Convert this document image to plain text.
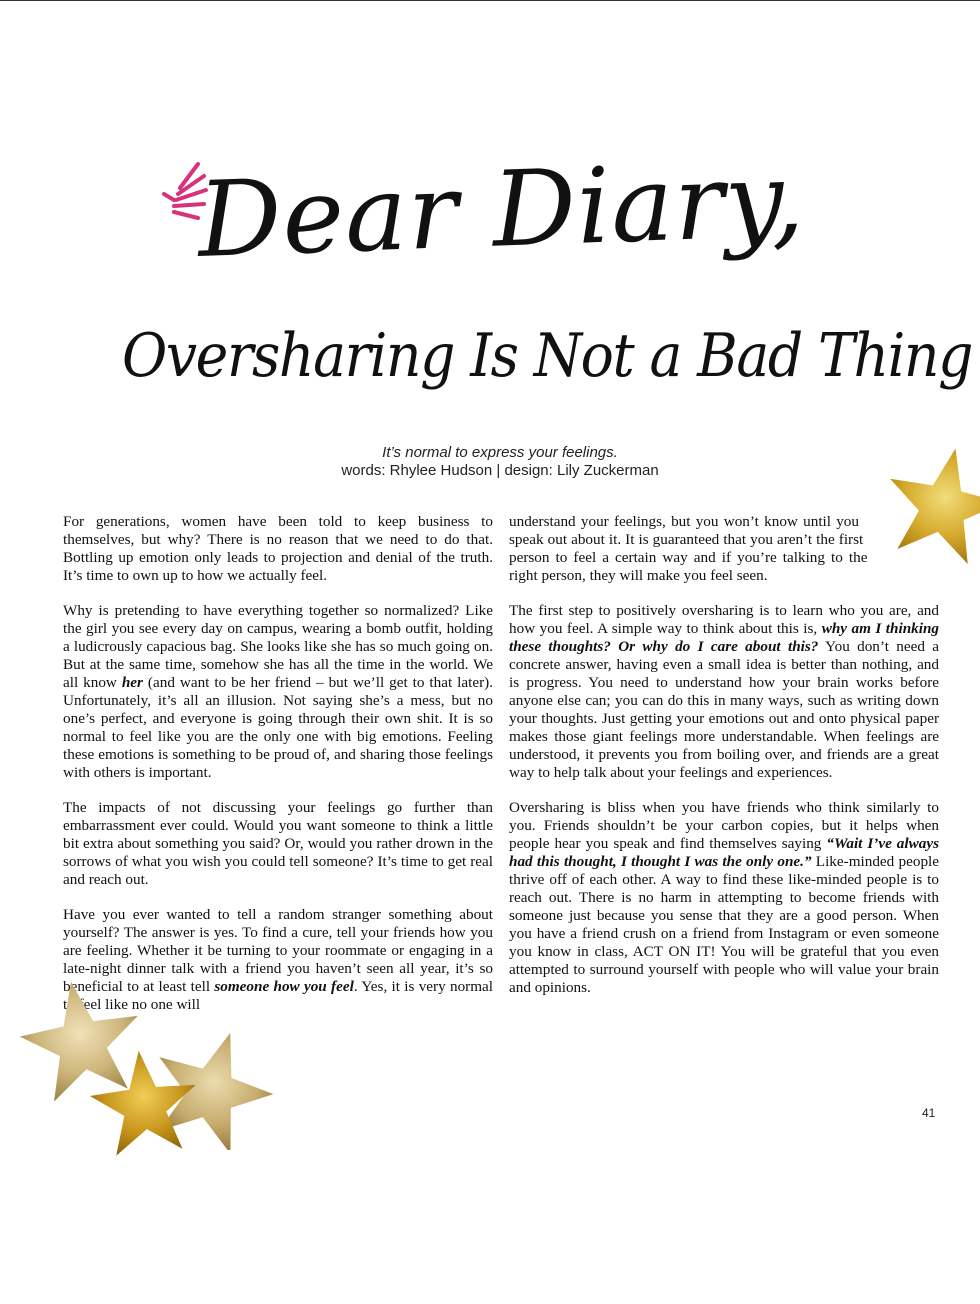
Dear Diary,
Oversharing Is Not a Bad Thing
It’s normal to express your feelings.
words: Rhylee Hudson | design: Lily Zuckerman

For generations, women have been told to keep business to themselves, but why? There is no reason that we need to do that. Bottling up emotion only leads to projection and denial of the truth. It’s time to own up to how we actually feel.

Why is pretending to have everything together so normalized? Like the girl you see every day on campus, wearing a bomb outfit, holding a ludicrously capacious bag. She looks like she has so much going on. But at the same time, somehow she has all the time in the world. We all know her (and want to be her friend – but we’ll get to that later). Unfortunately, it’s all an illusion. Not saying she’s a mess, but no one’s perfect, and everyone is going through their own shit. It is so normal to feel like you are the only one with big emotions. Feeling these emotions is something to be proud of, and sharing those feelings with others is important.

The impacts of not discussing your feelings go further than embarrassment ever could. Would you want someone to think a little bit extra about something you said? Or, would you rather drown in the sorrows of what you wish you could tell someone? It’s time to get real and reach out.

Have you ever wanted to tell a random stranger something about yourself? The answer is yes. To find a cure, tell your friends how you are feeling. Whether it be turning to your roommate or engaging in a late-night dinner talk with a friend you haven’t seen all year, it’s so beneficial to at least tell someone how you feel. Yes, it is very normal to feel like no one will

understand your feelings, but you won’t know until you speak out about it. It is guaranteed that you aren’t the first person to feel a certain way and if you’re talking to the right person, they will make you feel seen.

The first step to positively oversharing is to learn who you are, and how you feel. A simple way to think about this is, why am I thinking these thoughts? Or why do I care about this? You don’t need a concrete answer, having even a small idea is better than nothing, and is progress. You need to understand how your brain works before anyone else can; you can do this in many ways, such as writing down your thoughts. Just getting your emotions out and onto physical paper makes those giant feelings more understandable. When feelings are understood, it prevents you from boiling over, and friends are a great way to help talk about your feelings and experiences.

Oversharing is bliss when you have friends who think similarly to you. Friends shouldn’t be your carbon copies, but it helps when people hear you speak and find themselves saying “Wait I’ve always had this thought, I thought I was the only one.” Like-minded people thrive off of each other. A way to find these like-minded people is to reach out. There is no harm in attempting to become friends with someone just because you sense that they are a good person. When you have a friend crush on a friend from Instagram or even someone you know in class, ACT ON IT! You will be grateful that you even attempted to surround yourself with people who will value your brain and opinions.

41
